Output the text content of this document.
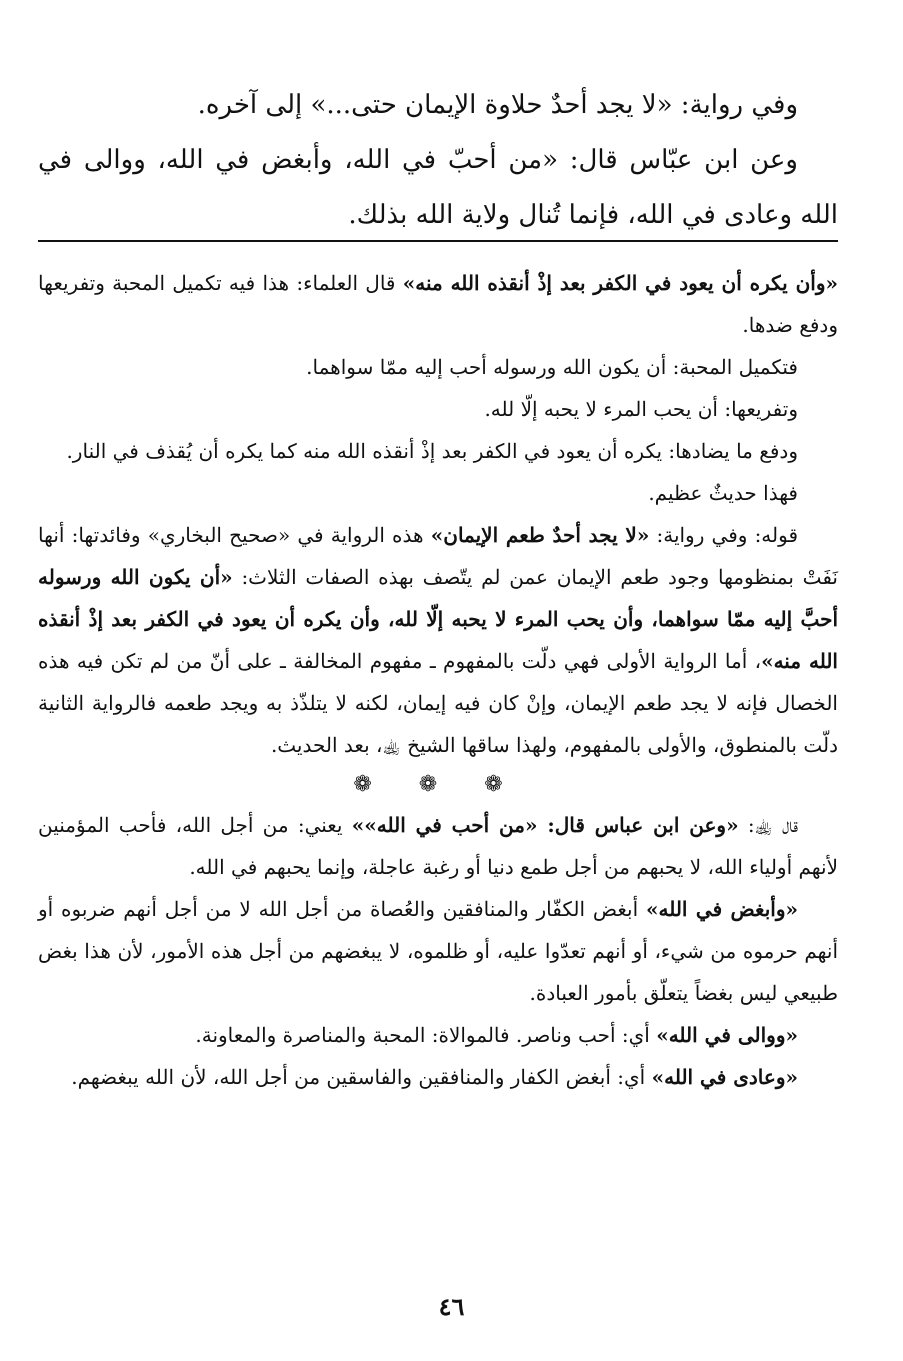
وفي رواية: «لا يجد أحدٌ حلاوة الإيمان حتى...» إلى آخره.

وعن ابن عبّاس قال: «من أحبّ في الله، وأبغض في الله، ووالى في الله وعادى في الله، فإنما تُنال ولاية الله بذلك.

«وأن يكره أن يعود في الكفر بعد إذْ أنقذه الله منه» قال العلماء: هذا فيه تكميل المحبة وتفريعها ودفع ضدها.

فتكميل المحبة: أن يكون الله ورسوله أحب إليه ممّا سواهما.

وتفريعها: أن يحب المرء لا يحبه إلّا لله.

ودفع ما يضادها: يكره أن يعود في الكفر بعد إذْ أنقذه الله منه كما يكره أن يُقذف في النار.

فهذا حديثٌ عظيم.

قوله: وفي رواية: «لا يجد أحدٌ طعم الإيمان» هذه الرواية في «صحيح البخاري» وفائدتها: أنها نَفَتْ بمنظومها وجود طعم الإيمان عمن لم يتّصف بهذه الصفات الثلاث: «أن يكون الله ورسوله أحبَّ إليه ممّا سواهما، وأن يحب المرء لا يحبه إلّا لله، وأن يكره أن يعود في الكفر بعد إذْ أنقذه الله منه»، أما الرواية الأولى فهي دلّت بالمفهوم ـ مفهوم المخالفة ـ على أنّ من لم تكن فيه هذه الخصال فإنه لا يجد طعم الإيمان، وإنْ كان فيه إيمان، لكنه لا يتلذّذ به ويجد طعمه فالرواية الثانية دلّت بالمنطوق، والأولى بالمفهوم، ولهذا ساقها الشيخ ﵀، بعد الحديث.

❁ ❁ ❁

قال ﵀: «وعن ابن عباس قال: «من أحب في الله»» يعني: من أجل الله، فأحب المؤمنين لأنهم أولياء الله، لا يحبهم من أجل طمع دنيا أو رغبة عاجلة، وإنما يحبهم في الله.

«وأبغض في الله» أبغض الكفّار والمنافقين والعُصاة من أجل الله لا من أجل أنهم ضربوه أو أنهم حرموه من شيء، أو أنهم تعدّوا عليه، أو ظلموه، لا يبغضهم من أجل هذه الأمور، لأن هذا بغض طبيعي ليس بغضاً يتعلّق بأمور العبادة.

«ووالى في الله» أي: أحب وناصر. فالموالاة: المحبة والمناصرة والمعاونة.

«وعادى في الله» أي: أبغض الكفار والمنافقين والفاسقين من أجل الله، لأن الله يبغضهم.

٤٦
